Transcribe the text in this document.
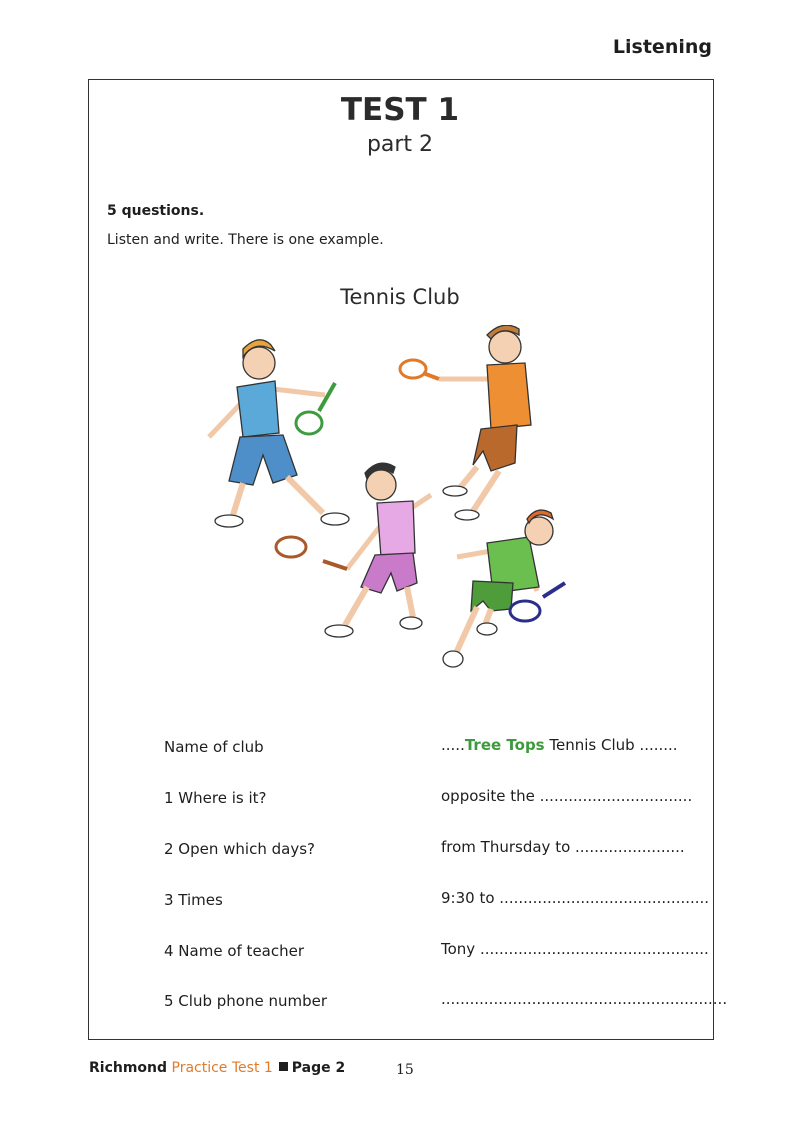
Listening
TEST 1
part 2
5 questions.
Listen and write. There is one example.
Tennis Club
Name of club	.....Tree Tops Tennis Club ........
1 Where is it?	opposite the ................................
2 Open which days?	from Thursday to .......................
3 Times	9:30 to ............................................
4 Name of teacher	Tony ................................................
5 Club phone number	............................................................
Richmond Practice Test 1 Page 2	15
